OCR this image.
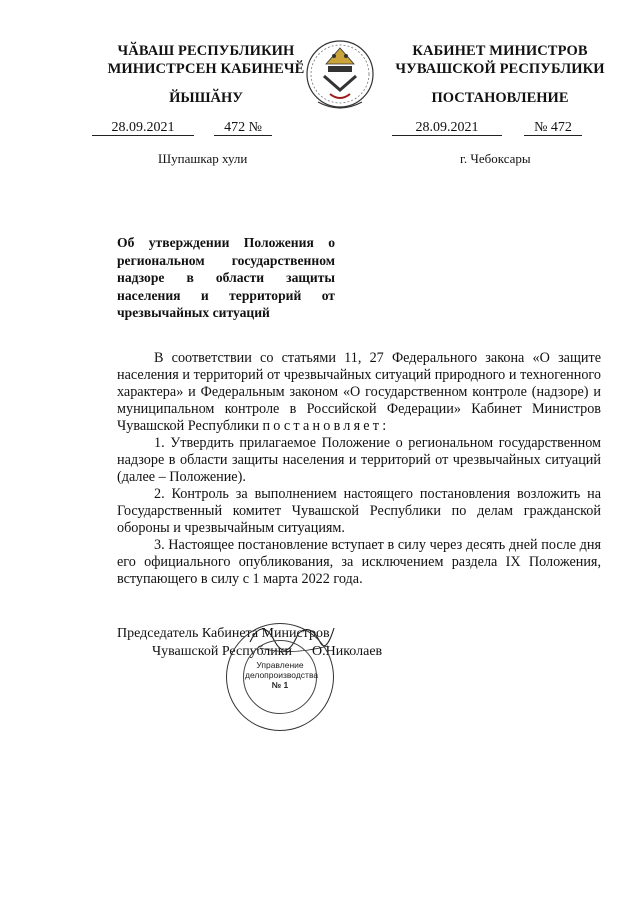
ЧӐВАШ РЕСПУБЛИКИН
МИНИСТРСЕН КАБИНЕЧӖ
ЙЫШӐНУ
КАБИНЕТ МИНИСТРОВ
ЧУВАШСКОЙ РЕСПУБЛИКИ
ПОСТАНОВЛЕНИЕ
28.09.2021	472 №	28.09.2021	№ 472
Шупашкар хули	г. Чебоксары
Об утверждении Положения о региональном государственном надзоре в области защиты населения и территорий от чрезвычайных ситуаций

В соответствии со статьями 11, 27 Федерального закона «О защите населения и территорий от чрезвычайных ситуаций природного и техногенного характера» и Федеральным законом «О государственном контроле (надзоре) и муниципальном контроле в Российской Федерации» Кабинет Министров Чувашской Республики постановляет:

1. Утвердить прилагаемое Положение о региональном государственном надзоре в области защиты населения и территорий от чрезвычайных ситуаций (далее – Положение).

2. Контроль за выполнением настоящего постановления возложить на Государственный комитет Чувашской Республики по делам гражданской обороны и чрезвычайным ситуациям.

3. Настоящее постановление вступает в силу через десять дней после дня его официального опубликования, за исключением раздела IX Положения, вступающего в силу с 1 марта 2022 года.

Председатель Кабинета Министров
Чувашской Республики О.Николаев
Управление
делопроизводства
№ 1
